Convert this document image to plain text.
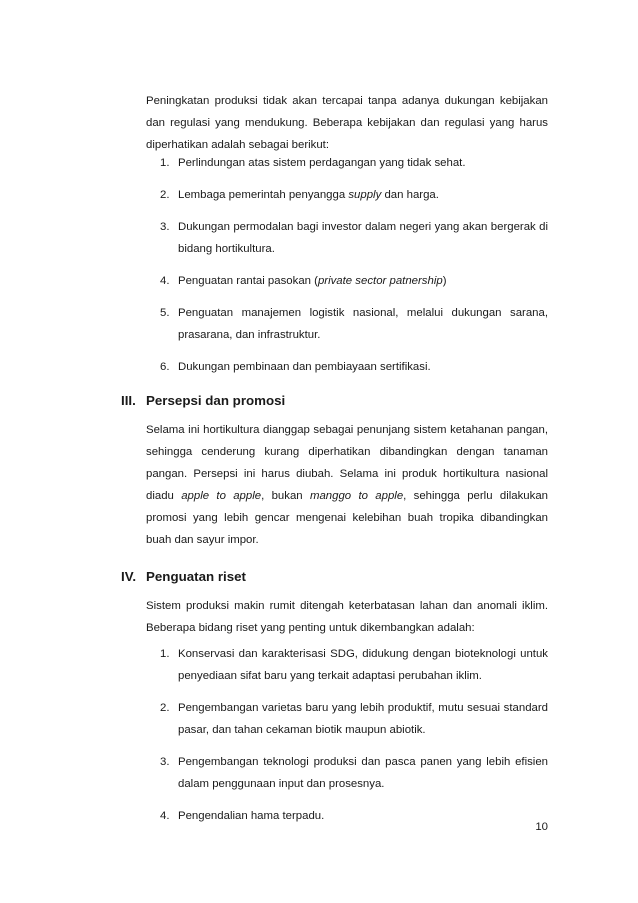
Peningkatan produksi tidak akan tercapai tanpa adanya dukungan kebijakan dan regulasi yang mendukung. Beberapa kebijakan dan regulasi yang harus diperhatikan adalah sebagai berikut:

1. Perlindungan atas sistem perdagangan yang tidak sehat.
2. Lembaga pemerintah penyangga supply dan harga.
3. Dukungan permodalan bagi investor dalam negeri yang akan bergerak di bidang hortikultura.
4. Penguatan rantai pasokan (private sector patnership)
5. Penguatan manajemen logistik nasional, melalui dukungan sarana, prasarana, dan infrastruktur.
6. Dukungan pembinaan dan pembiayaan sertifikasi.
III. Persepsi dan promosi

Selama ini hortikultura dianggap sebagai penunjang sistem ketahanan pangan, sehingga cenderung kurang diperhatikan dibandingkan dengan tanaman pangan. Persepsi ini harus diubah. Selama ini produk hortikultura nasional diadu apple to apple, bukan manggo to apple, sehingga perlu dilakukan promosi yang lebih gencar mengenai kelebihan buah tropika dibandingkan buah dan sayur impor.

IV. Penguatan riset

Sistem produksi makin rumit ditengah keterbatasan lahan dan anomali iklim. Beberapa bidang riset yang penting untuk dikembangkan adalah:

1. Konservasi dan karakterisasi SDG, didukung dengan bioteknologi untuk penyediaan sifat baru yang terkait adaptasi perubahan iklim.
2. Pengembangan varietas baru yang lebih produktif, mutu sesuai standard pasar, dan tahan cekaman biotik maupun abiotik.
3. Pengembangan teknologi produksi dan pasca panen yang lebih efisien dalam penggunaan input dan prosesnya.
4. Pengendalian hama terpadu.
10
